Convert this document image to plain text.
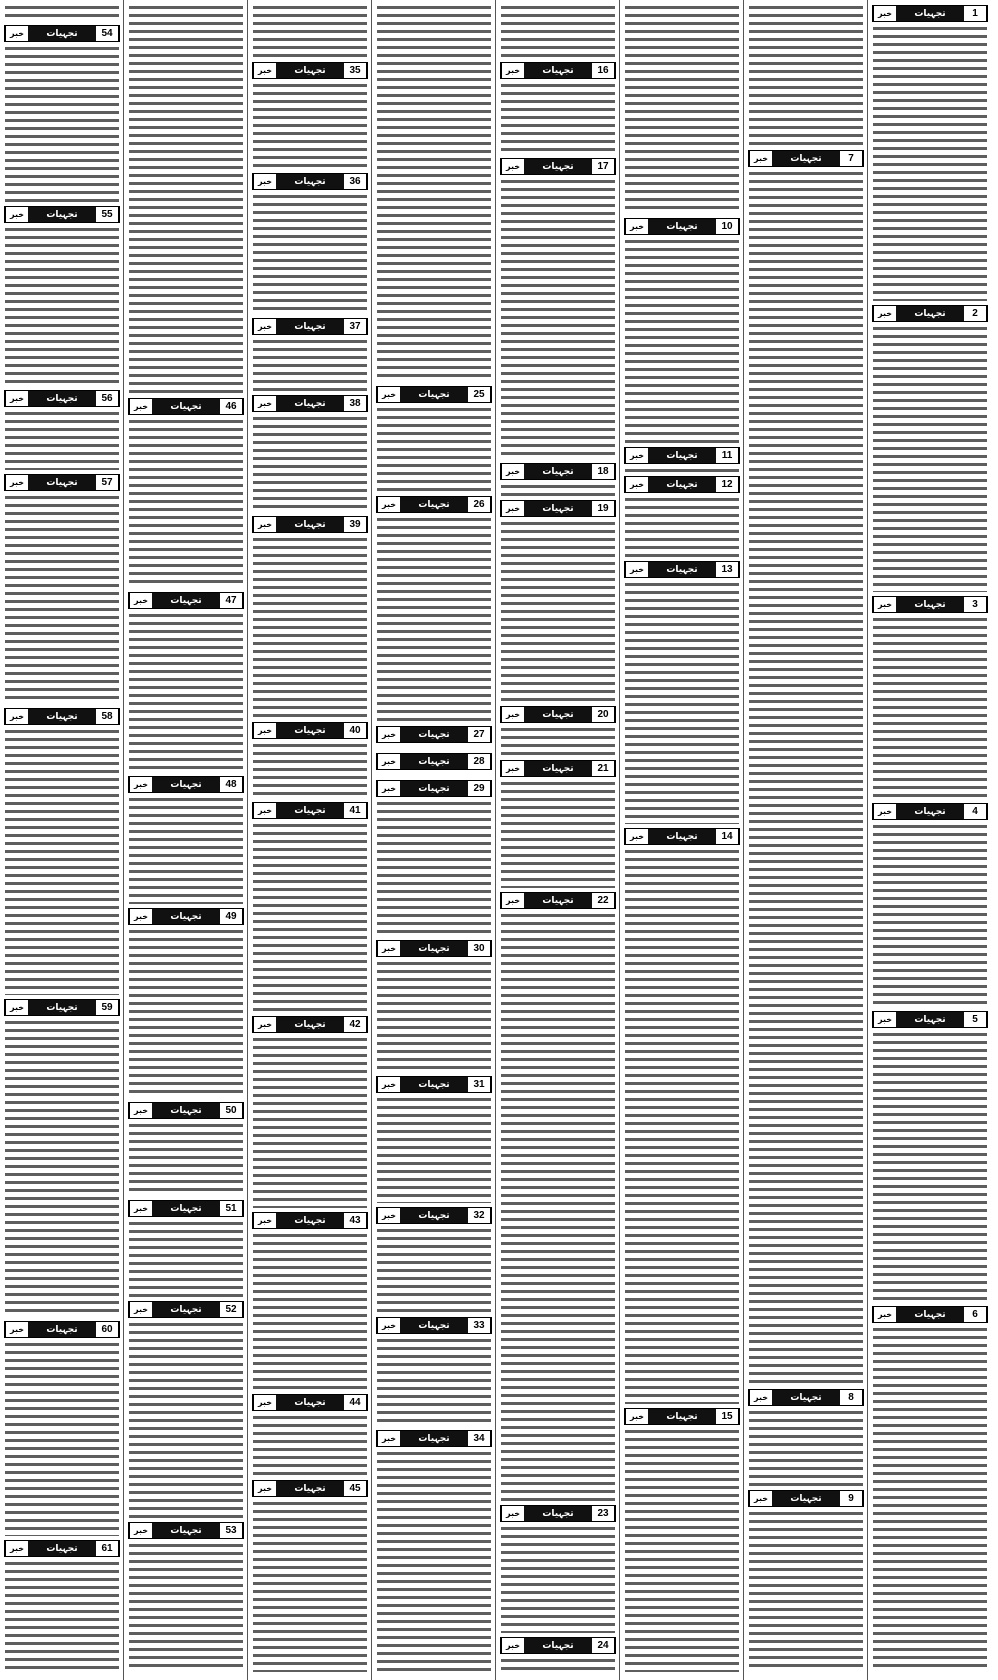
خبر	تجہیات	1
خبر	تجہیات	2
خبر	تجہیات	3
خبر	تجہیات	4
خبر	تجہیات	5
خبر	تجہیات	6
خبر	تجہیات	7
خبر	تجہیات	8
خبر	تجہیات	9
خبر	تجہیات	10
خبر	تجہیات	11
خبر	تجہیات	12
خبر	تجہیات	13
خبر	تجہیات	14
خبر	تجہیات	15
خبر	تجہیات	16
خبر	تجہیات	17
خبر	تجہیات	18
خبر	تجہیات	19
خبر	تجہیات	20
خبر	تجہیات	21
خبر	تجہیات	22
خبر	تجہیات	23
خبر	تجہیات	24
خبر	تجہیات	25
خبر	تجہیات	26
خبر	تجہیات	27
خبر	تجہیات	28
خبر	تجہیات	29
خبر	تجہیات	30
خبر	تجہیات	31
خبر	تجہیات	32
خبر	تجہیات	33
خبر	تجہیات	34
خبر	تجہیات	35
خبر	تجہیات	36
خبر	تجہیات	37
خبر	تجہیات	38
خبر	تجہیات	39
خبر	تجہیات	40
خبر	تجہیات	41
خبر	تجہیات	42
خبر	تجہیات	43
خبر	تجہیات	44
خبر	تجہیات	45
خبر	تجہیات	46
خبر	تجہیات	47
خبر	تجہیات	48
خبر	تجہیات	49
خبر	تجہیات	50
خبر	تجہیات	51
خبر	تجہیات	52
خبر	تجہیات	53
خبر	تجہیات	54
خبر	تجہیات	55
خبر	تجہیات	56
خبر	تجہیات	57
خبر	تجہیات	58
خبر	تجہیات	59
خبر	تجہیات	60
خبر	تجہیات	61
